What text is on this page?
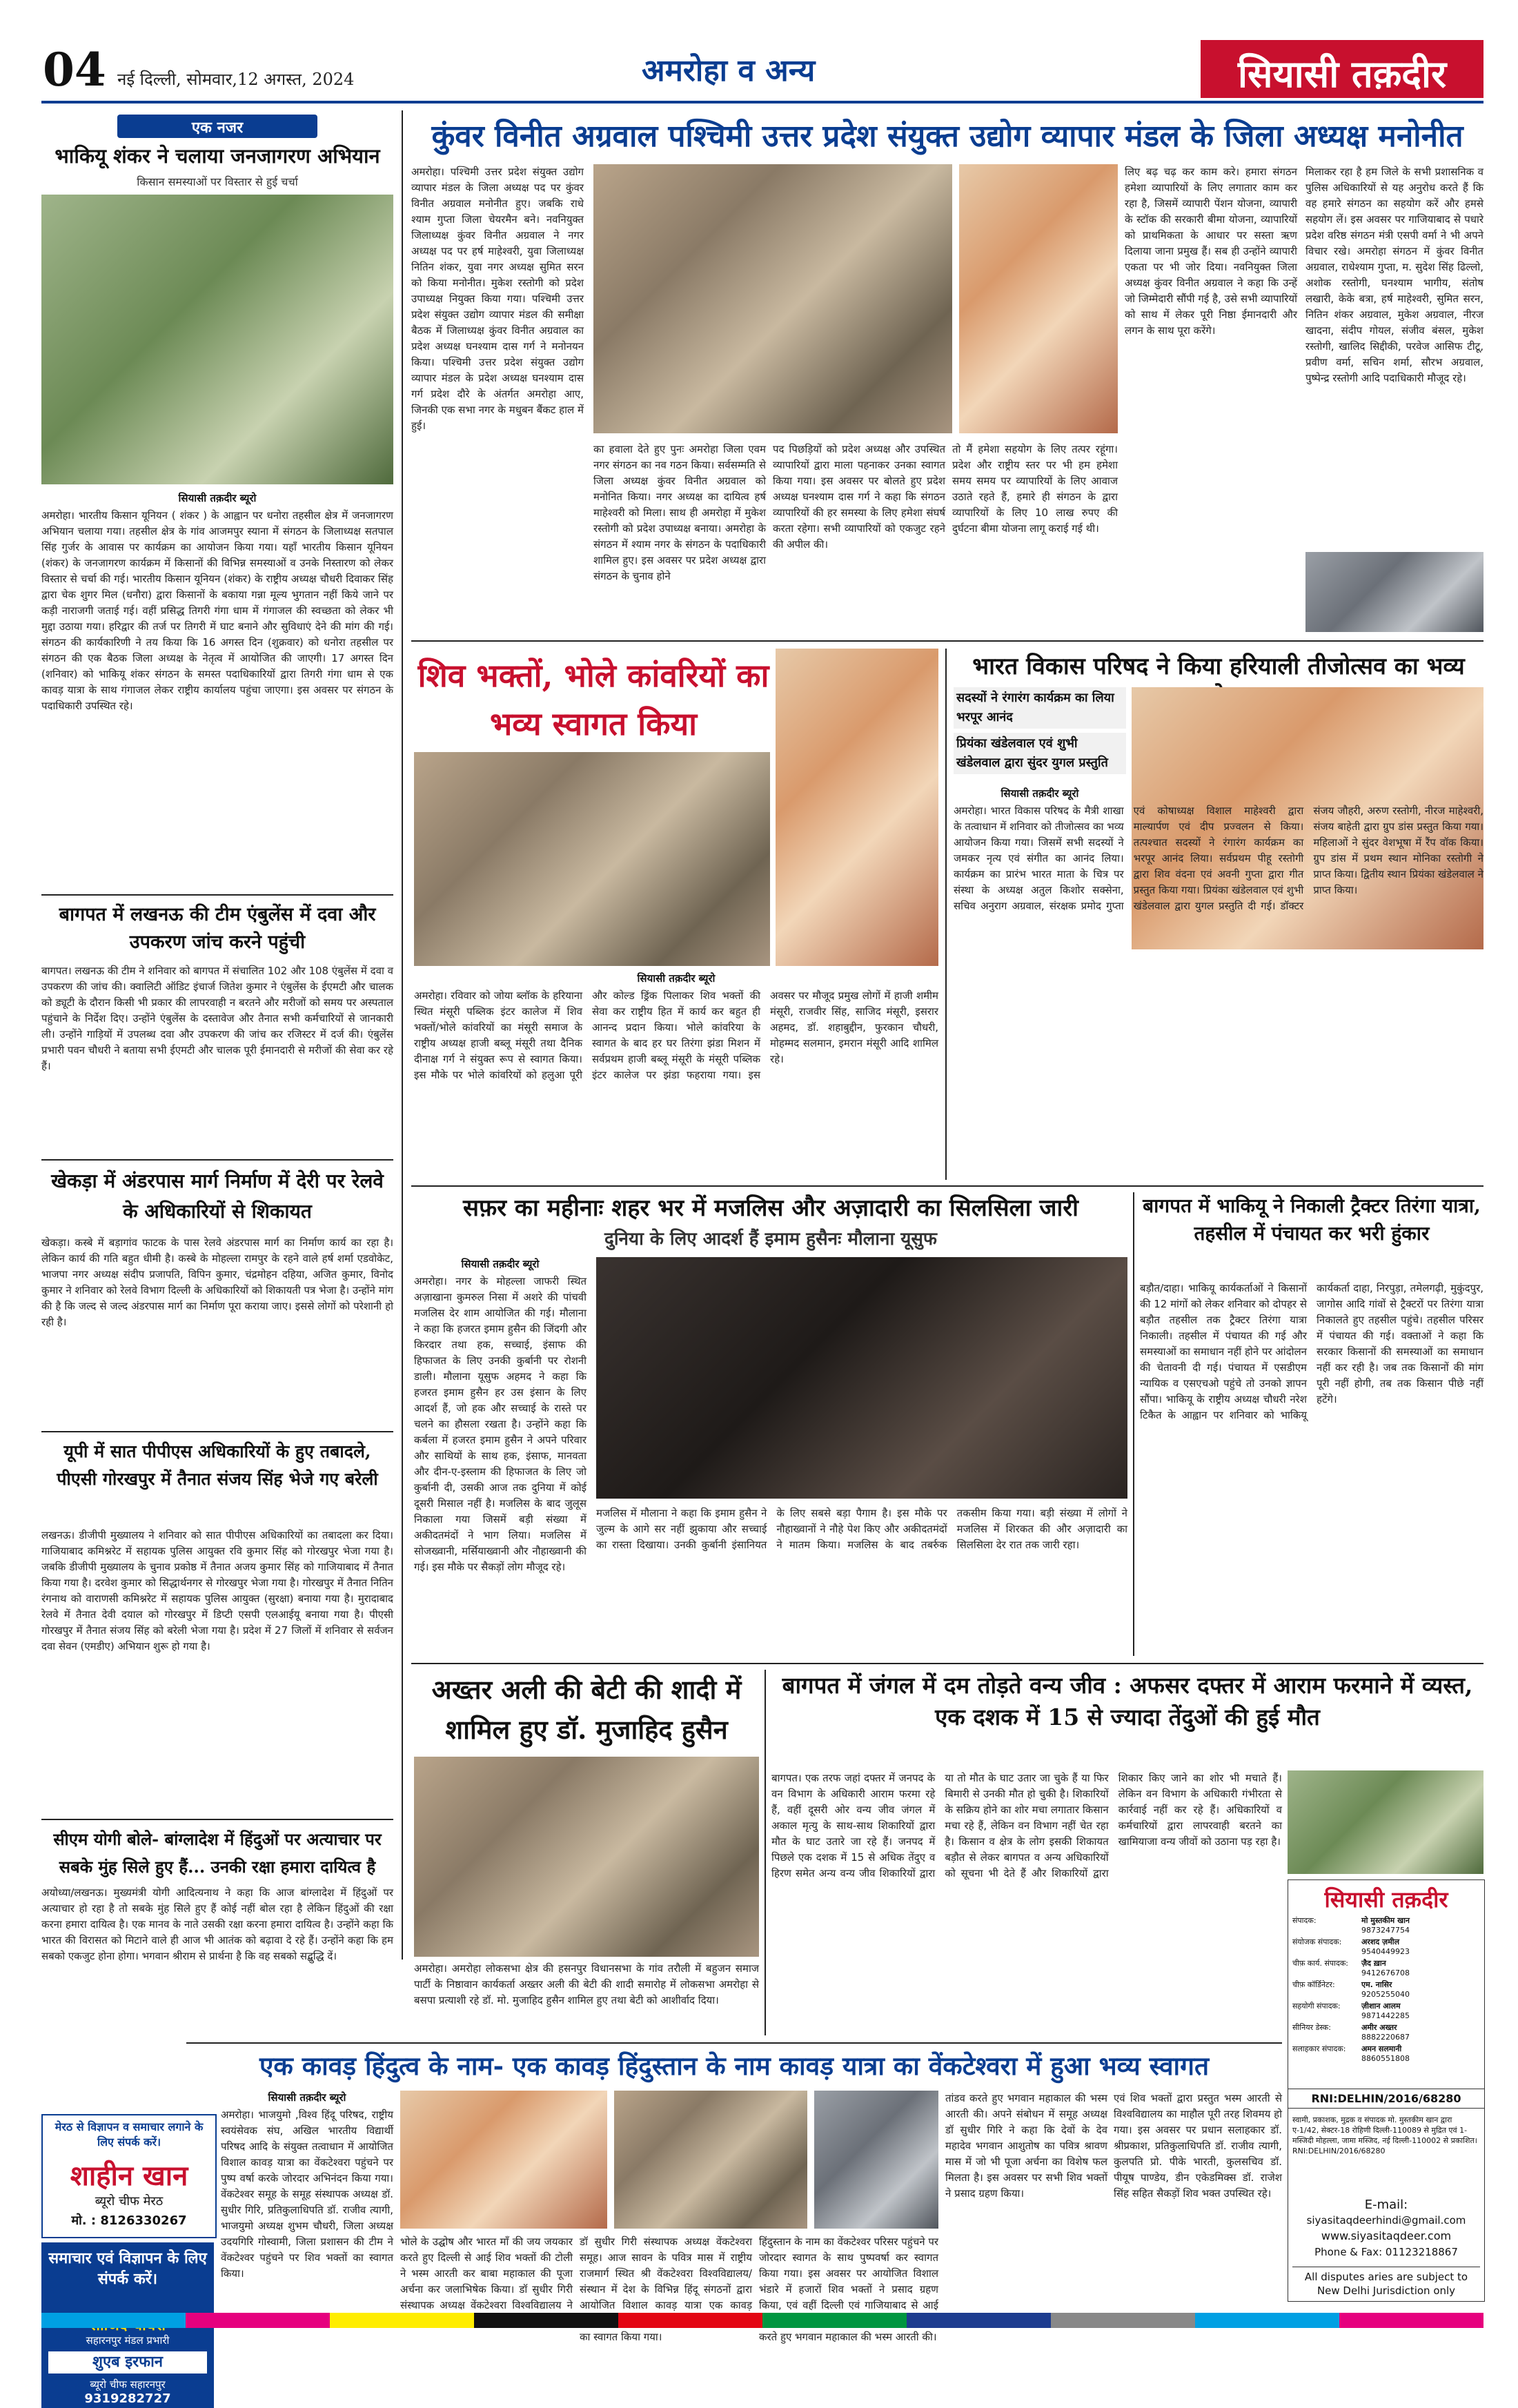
04 नई दिल्ली, सोमवार,12 अगस्त, 2024	अमरोहा व अन्य	सियासी तक़दीर
एक नजर
भाकियू शंकर ने चलाया जनजागरण अभियान
किसान समस्याओं पर विस्तार से हुई चर्चा
सियासी तक़दीर ब्यूरो
अमरोहा। भारतीय किसान यूनियन ( शंकर ) के आह्वान पर धनोरा तहसील क्षेत्र में जनजागरण अभियान चलाया गया। तहसील क्षेत्र के गांव आजमपुर स्याना में संगठन के जिलाध्यक्ष सतपाल सिंह गुर्जर के आवास पर कार्यक्रम का आयोजन किया गया। यहाँ भारतीय किसान यूनियन (शंकर) के जनजागरण कार्यक्रम में किसानों की विभिन्न समस्याओं व उनके निस्तारण को लेकर विस्तार से चर्चा की गई। भारतीय किसान यूनियन (शंकर) के राष्ट्रीय अध्यक्ष चौधरी दिवाकर सिंह द्वारा चेक शुगर मिल (धनौरा) द्वारा किसानों के बकाया गन्ना मूल्य भुगतान नहीं किये जाने पर कड़ी नाराजगी जताई गई। वहीं प्रसिद्ध तिगरी गंगा धाम में गंगाजल की स्वच्छता को लेकर भी मुद्दा उठाया गया। हरिद्वार की तर्ज पर तिगरी में घाट बनाने और सुविधाएं देने की मांग की गई। संगठन की कार्यकारिणी ने तय किया कि 16 अगस्त दिन (शुक्रवार) को धनोरा तहसील पर संगठन की एक बैठक जिला अध्यक्ष के नेतृत्व में आयोजित की जाएगी। 17 अगस्त दिन (शनिवार) को भाकियू शंकर संगठन के समस्त पदाधिकारियों द्वारा तिगरी गंगा धाम से एक कावड़ यात्रा के साथ गंगाजल लेकर राष्ट्रीय कार्यालय पहुंचा जाएगा। इस अवसर पर संगठन के पदाधिकारी उपस्थित रहे।
बागपत में लखनऊ की टीम एंबुलेंस में दवा और उपकरण जांच करने पहुंची
बागपत। लखनऊ की टीम ने शनिवार को बागपत में संचालित 102 और 108 एंबुलेंस में दवा व उपकरण की जांच की। क्वालिटी ऑडिट इंचार्ज जितेश कुमार ने एंबुलेंस के ईएमटी और चालक को ड्यूटी के दौरान किसी भी प्रकार की लापरवाही न बरतने और मरीजों को समय पर अस्पताल पहुंचाने के निर्देश दिए। उन्होंने एंबुलेंस के दस्तावेज और तैनात सभी कर्मचारियों से जानकारी ली। उन्होंने गाड़ियों में उपलब्ध दवा और उपकरण की जांच कर रजिस्टर में दर्ज की। एंबुलेंस प्रभारी पवन चौधरी ने बताया सभी ईएमटी और चालक पूरी ईमानदारी से मरीजों की सेवा कर रहे हैं।
खेकड़ा में अंडरपास मार्ग निर्माण में देरी पर रेलवे के अधिकारियों से शिकायत
खेकड़ा। कस्बे में बड़ागांव फाटक के पास रेलवे अंडरपास मार्ग का निर्माण कार्य का रहा है। लेकिन कार्य की गति बहुत धीमी है। कस्बे के मोहल्ला रामपुर के रहने वाले हर्ष शर्मा एडवोकेट, भाजपा नगर अध्यक्ष संदीप प्रजापति, विपिन कुमार, चंद्रमोहन दहिया, अजित कुमार, विनोद कुमार ने शनिवार को रेलवे विभाग दिल्ली के अधिकारियों को शिकायती पत्र भेजा है। उन्होंने मांग की है कि जल्द से जल्द अंडरपास मार्ग का निर्माण पूरा कराया जाए। इससे लोगों को परेशानी हो रही है।
यूपी में सात पीपीएस अधिकारियों के हुए तबादले, पीएसी गोरखपुर में तैनात संजय सिंह भेजे गए बरेली
लखनऊ। डीजीपी मुख्यालय ने शनिवार को सात पीपीएस अधिकारियों का तबादला कर दिया। गाजियाबाद कमिश्नरेट में सहायक पुलिस आयुक्त रवि कुमार सिंह को गोरखपुर भेजा गया है। जबकि डीजीपी मुख्यालय के चुनाव प्रकोष्ठ में तैनात अजय कुमार सिंह को गाजियाबाद में तैनात किया गया है। दरवेश कुमार को सिद्धार्थनगर से गोरखपुर भेजा गया है। गोरखपुर में तैनात नितिन रंगनाथ को वाराणसी कमिश्नरेट में सहायक पुलिस आयुक्त (सुरक्षा) बनाया गया है। मुरादाबाद रेलवे में तैनात देवी दयाल को गोरखपुर में डिप्टी एसपी एलआईयू बनाया गया है। पीएसी गोरखपुर में तैनात संजय सिंह को बरेली भेजा गया है। प्रदेश में 27 जिलों में शनिवार से सर्वजन दवा सेवन (एमडीए) अभियान शुरू हो गया है।
सीएम योगी बोले- बांग्लादेश में हिंदुओं पर अत्याचार पर सबके मुंह सिले हुए हैं... उनकी रक्षा हमारा दायित्व है
अयोध्या/लखनऊ। मुख्यमंत्री योगी आदित्यनाथ ने कहा कि आज बांग्लादेश में हिंदुओं पर अत्याचार हो रहा है तो सबके मुंह सिले हुए हैं कोई नहीं बोल रहा है लेकिन हिंदुओं की रक्षा करना हमारा दायित्व है। एक मानव के नाते उसकी रक्षा करना हमारा दायित्व है। उन्होंने कहा कि भारत की विरासत को मिटाने वाले ही आज भी आतंक को बढ़ावा दे रहे हैं। उन्होंने कहा कि हम सबको एकजुट होना होगा। भगवान श्रीराम से प्रार्थना है कि वह सबको सद्बुद्धि दें।
मेरठ से विज्ञापन व समाचार लगाने के लिए संपर्क करें।
शाहीन खान
ब्यूरो चीफ मेरठ
मो. : 8126330267
समाचार एवं विज्ञापन के लिए संपर्क करें।
सहारनपुर मंडल प्रभारी
शुएब इरफान
ब्यूरो चीफ सहारनपुर
9319282727
कुंवर विनीत अग्रवाल पश्चिमी उत्तर प्रदेश संयुक्त उद्योग व्यापार मंडल के जिला अध्यक्ष मनोनीत
अमरोहा। पश्चिमी उत्तर प्रदेश संयुक्त उद्योग व्यापार मंडल के जिला अध्यक्ष पद पर कुंवर विनीत अग्रवाल मनोनीत हुए। जबकि राधे श्याम गुप्ता जिला चेयरमैन बने। नवनियुक्त जिलाध्यक्ष कुंवर विनीत अग्रवाल ने नगर अध्यक्ष पद पर हर्ष माहेश्वरी, युवा जिलाध्यक्ष नितिन शंकर, युवा नगर अध्यक्ष सुमित सरन को किया मनोनीत। मुकेश रस्तोगी को प्रदेश उपाध्यक्ष नियुक्त किया गया। पश्चिमी उत्तर प्रदेश संयुक्त उद्योग व्यापार मंडल की समीक्षा बैठक में जिलाध्यक्ष कुंवर विनीत अग्रवाल का प्रदेश अध्यक्ष घनश्याम दास गर्ग ने मनोनयन किया। पश्चिमी उत्तर प्रदेश संयुक्त उद्योग व्यापार मंडल के प्रदेश अध्यक्ष घनश्याम दास गर्ग प्रदेश दौरे के अंतर्गत अमरोहा आए, जिनकी एक सभा नगर के मधुबन बैंकट हाल में हुई।
का हवाला देते हुए पुनः अमरोहा जिला एवम नगर संगठन का नव गठन किया। सर्वसम्मति से जिला अध्यक्ष कुंवर विनीत अग्रवाल को मनोनित किया। नगर अध्यक्ष का दायित्व हर्ष माहेश्वरी को मिला। साथ ही अमरोहा में मुकेश रस्तोगी को प्रदेश उपाध्यक्ष बनाया। अमरोहा के संगठन में श्याम नगर के संगठन के पदाधिकारी शामिल हुए। इस अवसर पर प्रदेश अध्यक्ष द्वारा संगठन के चुनाव होने
पद पिछड़ियों को प्रदेश अध्यक्ष और उपस्थित व्यापारियों द्वारा माला पहनाकर उनका स्वागत किया गया। इस अवसर पर बोलते हुए प्रदेश अध्यक्ष घनश्याम दास गर्ग ने कहा कि संगठन व्यापारियों की हर समस्या के लिए हमेशा संघर्ष करता रहेगा। सभी व्यापारियों को एकजुट रहने की अपील की।
तो मैं हमेशा सहयोग के लिए तत्पर रहूंगा। प्रदेश और राष्ट्रीय स्तर पर भी हम हमेशा समय समय पर व्यापारियों के लिए आवाज उठाते रहते हैं, हमारे ही संगठन के द्वारा व्यापारियों के लिए 10 लाख रुपए की दुर्घटना बीमा योजना लागू कराई गई थी।
लिए बढ़ चढ़ कर काम करे। हमारा संगठन हमेशा व्यापारियों के लिए लगातार काम कर रहा है, जिसमें व्यापारी पेंशन योजना, व्यापारी के स्टॉक की सरकारी बीमा योजना, व्यापारियों को प्राथमिकता के आधार पर सस्ता ऋण दिलाया जाना प्रमुख हैं। सब ही उन्होंने व्यापारी एकता पर भी जोर दिया। नवनियुक्त जिला अध्यक्ष कुंवर विनीत अग्रवाल ने कहा कि उन्हें जो जिम्मेदारी सौंपी गई है, उसे सभी व्यापारियों को साथ में लेकर पूरी निष्ठा ईमानदारी और लगन के साथ पूरा करेंगे।
मिलाकर रहा है हम जिले के सभी प्रशासनिक व पुलिस अधिकारियों से यह अनुरोध करते हैं कि वह हमारे संगठन का सहयोग करें और हमसे सहयोग लें। इस अवसर पर गाजियाबाद से पधारे प्रदेश वरिष्ठ संगठन मंत्री एसपी वर्मा ने भी अपने विचार रखे। अमरोहा संगठन में कुंवर विनीत अग्रवाल, राधेश्याम गुप्ता, म. सुदेश सिंह ढिल्लो, अशोक रस्तोगी, घनश्याम भागीय, संतोष लखारी, केके बत्रा, हर्ष माहेश्वरी, सुमित सरन, नितिन शंकर अग्रवाल, मुकेश अग्रवाल, नीरज खादना, संदीप गोयल, संजीव बंसल, मुकेश रस्तोगी, खालिद सिद्दीकी, परवेज आसिफ टीटू, प्रवीण वर्मा, सचिन शर्मा, सौरभ अग्रवाल, पुष्पेन्द्र रस्तोगी आदि पदाधिकारी मौजूद रहे।
शिव भक्तों, भोले कांवरियों का भव्य स्वागत किया
सियासी तक़दीर ब्यूरो
अमरोहा। रविवार को जोया ब्लॉक के हरियाना स्थित मंसूरी पब्लिक इंटर कालेज में शिव भक्तों/भोले कांवरियों का मंसूरी समाज के राष्ट्रीय अध्यक्ष हाजी बब्लू मंसूरी तथा दैनिक दीनाक्ष गर्ग ने संयुक्त रूप से स्वागत किया। इस मौके पर भोले कांवरियों को हलुआ पूरी और कोल्ड ड्रिंक पिलाकर शिव भक्तों की सेवा कर राष्ट्रीय हित में कार्य कर बहुत ही आनन्द प्रदान किया। भोले कांवरिया के स्वागत के बाद हर घर तिरंगा झंडा मिशन में सर्वप्रथम हाजी बब्लू मंसूरी के मंसूरी पब्लिक इंटर कालेज पर झंडा फहराया गया। इस अवसर पर मौजूद प्रमुख लोगों में हाजी शमीम मंसूरी, राजवीर सिंह, साजिद मंसूरी, इसरार अहमद, डॉ. शहाबुद्दीन, फुरकान चौधरी, मोहम्मद सलमान, इमरान मंसूरी आदि शामिल रहे।
भारत विकास परिषद ने किया हरियाली तीजोत्सव का भव्य
सदस्यों ने रंगारंग कार्यक्रम का लिया भरपूर आनंद
प्रियंका खंडेलवाल एवं शुभी खंडेलवाल द्वारा सुंदर युगल प्रस्तुति
सियासी तक़दीर ब्यूरो
अमरोहा। भारत विकास परिषद के मैत्री शाखा के तत्वाधान में शनिवार को तीजोत्सव का भव्य आयोजन किया गया। जिसमें सभी सदस्यों ने जमकर नृत्य एवं संगीत का आनंद लिया। कार्यक्रम का प्रारंभ भारत माता के चित्र पर संस्था के अध्यक्ष अतुल किशोर सक्सेना, सचिव अनुराग अग्रवाल, संरक्षक प्रमोद गुप्ता एवं कोषाध्यक्ष विशाल माहेश्वरी द्वारा माल्यार्पण एवं दीप प्रज्वलन से किया। तत्पश्चात सदस्यों ने रंगारंग कार्यक्रम का भरपूर आनंद लिया। सर्वप्रथम पीहू रस्तोगी द्वारा शिव वंदना एवं अवनी गुप्ता द्वारा गीत प्रस्तुत किया गया। प्रियंका खंडेलवाल एवं शुभी खंडेलवाल द्वारा युगल प्रस्तुति दी गई। डॉक्टर संजय जौहरी, अरुण रस्तोगी, नीरज माहेश्वरी, संजय बाहेती द्वारा ग्रुप डांस प्रस्तुत किया गया। महिलाओं ने सुंदर वेशभूषा में रैंप वॉक किया। ग्रुप डांस में प्रथम स्थान मोनिका रस्तोगी ने प्राप्त किया। द्वितीय स्थान प्रियंका खंडेलवाल ने प्राप्त किया।
सफ़र का महीनाः शहर भर में मजलिस और अज़ादारी का सिलसिला जारी
दुनिया के लिए आदर्श हैं इमाम हुसैनः मौलाना यूसुफ
सियासी तक़दीर ब्यूरो
अमरोहा। नगर के मोहल्ला जाफरी स्थित अज़ाखाना कुमरुल निसा में अशरे की पांचवी मजलिस देर शाम आयोजित की गई। मौलाना ने कहा कि हजरत इमाम हुसैन की जिंदगी और किरदार तथा हक, सच्चाई, इंसाफ की हिफाजत के लिए उनकी कुर्बानी पर रोशनी डाली। मौलाना यूसुफ अहमद ने कहा कि हजरत इमाम हुसैन हर उस इंसान के लिए आदर्श हैं, जो हक और सच्चाई के रास्ते पर चलने का हौसला रखता है। उन्होंने कहा कि कर्बला में हजरत इमाम हुसैन ने अपने परिवार और साथियों के साथ हक, इंसाफ, मानवता और दीन-ए-इस्लाम की हिफाजत के लिए जो कुर्बानी दी, उसकी आज तक दुनिया में कोई दूसरी मिसाल नहीं है। मजलिस के बाद जुलूस निकाला गया जिसमें बड़ी संख्या में अकीदतमंदों ने भाग लिया। मजलिस में सोजख्वानी, मर्सियाख्वानी और नौहाख्वानी की गई। इस मौके पर सैकड़ों लोग मौजूद रहे।
मजलिस में मौलाना ने कहा कि इमाम हुसैन ने जुल्म के आगे सर नहीं झुकाया और सच्चाई का रास्ता दिखाया। उनकी कुर्बानी इंसानियत के लिए सबसे बड़ा पैगाम है। इस मौके पर नौहाख्वानों ने नौहे पेश किए और अकीदतमंदों ने मातम किया। मजलिस के बाद तबर्रुक तकसीम किया गया। बड़ी संख्या में लोगों ने मजलिस में शिरकत की और अज़ादारी का सिलसिला देर रात तक जारी रहा।
बागपत में भाकियू ने निकाली ट्रैक्टर तिरंगा यात्रा, तहसील में पंचायत कर भरी हुंकार
बड़ौत/दाहा। भाकियू कार्यकर्ताओं ने किसानों की 12 मांगों को लेकर शनिवार को दोपहर से बड़ौत तहसील तक ट्रैक्टर तिरंगा यात्रा निकाली। तहसील में पंचायत की गई और समस्याओं का समाधान नहीं होने पर आंदोलन की चेतावनी दी गई। पंचायत में एसडीएम न्यायिक व एसएचओ पहुंचे तो उनको ज्ञापन सौंपा। भाकियू के राष्ट्रीय अध्यक्ष चौधरी नरेश टिकैत के आह्वान पर शनिवार को भाकियू कार्यकर्ता दाहा, निरपुड़ा, तमेलगढ़ी, मुकुंदपुर, जागोस आदि गांवों से ट्रैक्टरों पर तिरंगा यात्रा निकालते हुए तहसील पहुंचे। तहसील परिसर में पंचायत की गई। वक्ताओं ने कहा कि सरकार किसानों की समस्याओं का समाधान नहीं कर रही है। जब तक किसानों की मांग पूरी नहीं होगी, तब तक किसान पीछे नहीं हटेंगे।
अख्तर अली की बेटी की शादी में शामिल हुए डॉ. मुजाहिद हुसैन
अमरोहा। अमरोहा लोकसभा क्षेत्र की हसनपुर विधानसभा के गांव तरौली में बहुजन समाज पार्टी के निष्ठावान कार्यकर्ता अख्तर अली की बेटी की शादी समारोह में लोकसभा अमरोहा से बसपा प्रत्याशी रहे डॉ. मो. मुजाहिद हुसैन शामिल हुए तथा बेटी को आशीर्वाद दिया।
बागपत में जंगल में दम तोड़ते वन्य जीव : अफसर दफ्तर में आराम फरमाने में व्यस्त, एक दशक में 15 से ज्यादा तेंदुओं की हुई मौत
बागपत। एक तरफ जहां दफ्तर में जनपद के वन विभाग के अधिकारी आराम फरमा रहे हैं, वहीं दूसरी ओर वन्य जीव जंगल में अकाल मृत्यु के साथ-साथ शिकारियों द्वारा मौत के घाट उतारे जा रहे हैं। जनपद में पिछले एक दशक में 15 से अधिक तेंदुए व हिरण समेत अन्य वन्य जीव शिकारियों द्वारा या तो मौत के घाट उतार जा चुके हैं या फिर बिमारी से उनकी मौत हो चुकी है। शिकारियों के सक्रिय होने का शोर मचा लगातार किसान मचा रहे हैं, लेकिन वन विभाग नहीं चेत रहा है। किसान व क्षेत्र के लोग इसकी शिकायत बड़ौत से लेकर बागपत व अन्य अधिकारियों को सूचना भी देते हैं और शिकारियों द्वारा शिकार किए जाने का शोर भी मचाते हैं। लेकिन वन विभाग के अधिकारी गंभीरता से कार्रवाई नहीं कर रहे हैं। अधिकारियों व कर्मचारियों द्वारा लापरवाही बरतने का खामियाजा वन्य जीवों को उठाना पड़ रहा है।
सियासी तक़दीर
संपादक:	मो मुस्तकीम खान
9873247754
संयोजक संपादक:	अरशद ज़मील
9540449923
चीफ़ कार्य. संपादक:	ज़ैद ख़ान
9412676708
चीफ़ कॉर्डिनेटर:	एम. नासिर
9205255040
सहयोगी संपादक:	ज़ीशान आलम
9871442285
सीनियर डेस्क:	अमीर अख्तर
8882220687
सलाहकार संपादक:	अमन सलमानी
8860551808
RNI:DELHIN/2016/68280
स्वामी, प्रकाशक, मुद्रक व संपादक मो. मुस्तकीम खान द्वारा ए-1/42, सेक्टर-18 रोहिणी दिल्ली-110089 से मुद्रित एवं 1-मस्जिदी मोहल्ला, जामा मस्जिद, नई दिल्ली-110002 से प्रकाशित। RNI:DELHIN/2016/68280
E-mail:
siyasitaqdeerhindi@gmail.com
www.siyasitaqdeer.com
Phone & Fax: 01123218867
All disputes aries are subject to New Delhi Jurisdiction only
एक कावड़ हिंदुत्व के नाम- एक कावड़ हिंदुस्तान के नाम कावड़ यात्रा का वेंकटेश्वरा में हुआ भव्य स्वागत
सियासी तक़दीर ब्यूरो
अमरोहा। भाजयुमो ,विश्व हिंदू परिषद, राष्ट्रीय स्वयंसेवक संघ, अखिल भारतीय विद्यार्थी परिषद आदि के संयुक्त तत्वाधान में आयोजित विशाल कावड़ यात्रा का वेंकटेश्वरा पहुंचने पर पुष्प वर्षा करके जोरदार अभिनंदन किया गया। वेंकटेश्वर समूह के समूह संस्थापक अध्यक्ष डॉ. सुधीर गिरि, प्रतिकुलाधिपति डॉ. राजीव त्यागी, भाजयुमो अध्यक्ष शुभम चौधरी, जिला अध्यक्ष उदयगिरि गोस्वामी, जिला प्रशासन की टीम ने वेंकटेश्वर पहुंचने पर शिव भक्तों का स्वागत किया।
भोले के उद्घोष और भारत माँ की जय जयकार करते हुए दिल्ली से आई शिव भक्तों की टोली ने भस्म आरती कर बाबा महाकाल की पूजा अर्चना कर जलाभिषेक किया। डॉ सुधीर गिरी संस्थापक अध्यक्ष वेंकटेश्वरा विश्वविद्यालय ने
डॉ सुधीर गिरी संस्थापक अध्यक्ष वेंकटेश्वरा समूह। आज सावन के पवित्र मास में राष्ट्रीय राजमार्ग स्थित श्री वेंकटेश्वरा विश्वविद्यालय/संस्थान में देश के विभिन्न हिंदू संगठनों द्वारा आयोजित विशाल कावड़ यात्रा एक कावड़ का स्वागत किया गया।
हिंदुस्तान के नाम का वेंकटेश्वर परिसर पहुंचने पर जोरदार स्वागत के साथ पुष्पवर्षा कर स्वागत किया गया। इस अवसर पर आयोजित विशाल भंडारे में हजारों शिव भक्तों ने प्रसाद ग्रहण किया, एवं वहीं दिल्ली एवं गाजियाबाद से आई करते हुए भगवान महाकाल की भस्म आरती की।
तांडव करते हुए भगवान महाकाल की भस्म आरती की। अपने संबोधन में समूह अध्यक्ष डॉ सुधीर गिरि ने कहा कि देवों के देव महादेव भगवान आशुतोष का पवित्र श्रावण मास में जो भी पूजा अर्चना का विशेष फल मिलता है। इस अवसर पर सभी शिव भक्तों ने प्रसाद ग्रहण किया।
एवं शिव भक्तों द्वारा प्रस्तुत भस्म आरती से विश्वविद्यालय का माहौल पूरी तरह शिवमय हो गया। इस अवसर पर प्रधान सलाहकार डॉ. श्रीप्रकाश, प्रतिकुलाधिपति डॉ. राजीव त्यागी, कुलपति प्रो. पीके भारती, कुलसचिव डॉ. पीयूष पाण्डेय, डीन एकेडमिक्स डॉ. राजेश सिंह सहित सैकड़ों शिव भक्त उपस्थित रहे।
